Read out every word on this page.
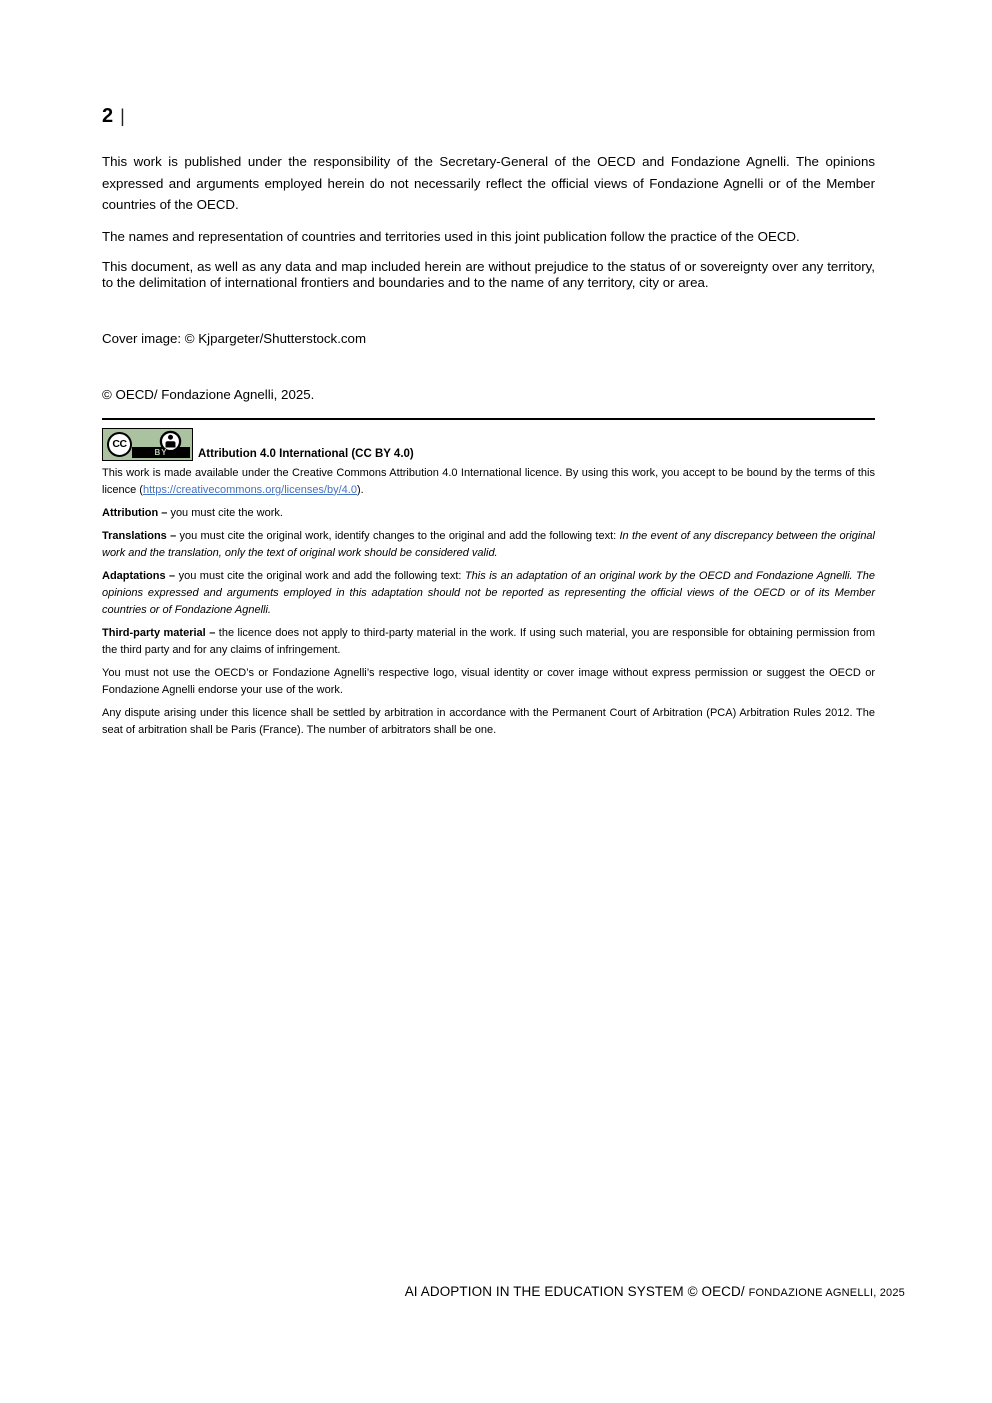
2 |

This work is published under the responsibility of the Secretary-General of the OECD and Fondazione Agnelli. The opinions expressed and arguments employed herein do not necessarily reflect the official views of Fondazione Agnelli or of the Member countries of the OECD.

The names and representation of countries and territories used in this joint publication follow the practice of the OECD.

This document, as well as any data and map included herein are without prejudice to the status of or sovereignty over any territory, to the delimitation of international frontiers and boundaries and to the name of any territory, city or area.

Cover image: © Kjpargeter/Shutterstock.com

© OECD/ Fondazione Agnelli, 2025.

CC
BY	Attribution 4.0 International (CC BY 4.0)

This work is made available under the Creative Commons Attribution 4.0 International licence. By using this work, you accept to be bound by the terms of this licence (https://creativecommons.org/licenses/by/4.0).

Attribution – you must cite the work.

Translations – you must cite the original work, identify changes to the original and add the following text: In the event of any discrepancy between the original work and the translation, only the text of original work should be considered valid.

Adaptations – you must cite the original work and add the following text: This is an adaptation of an original work by the OECD and Fondazione Agnelli. The opinions expressed and arguments employed in this adaptation should not be reported as representing the official views of the OECD or of its Member countries or of Fondazione Agnelli.

Third-party material – the licence does not apply to third-party material in the work. If using such material, you are responsible for obtaining permission from the third party and for any claims of infringement.

You must not use the OECD’s or Fondazione Agnelli’s respective logo, visual identity or cover image without express permission or suggest the OECD or Fondazione Agnelli endorse your use of the work.

Any dispute arising under this licence shall be settled by arbitration in accordance with the Permanent Court of Arbitration (PCA) Arbitration Rules 2012. The seat of arbitration shall be Paris (France). The number of arbitrators shall be one.

AI ADOPTION IN THE EDUCATION SYSTEM © OECD/ FONDAZIONE AGNELLI, 2025
